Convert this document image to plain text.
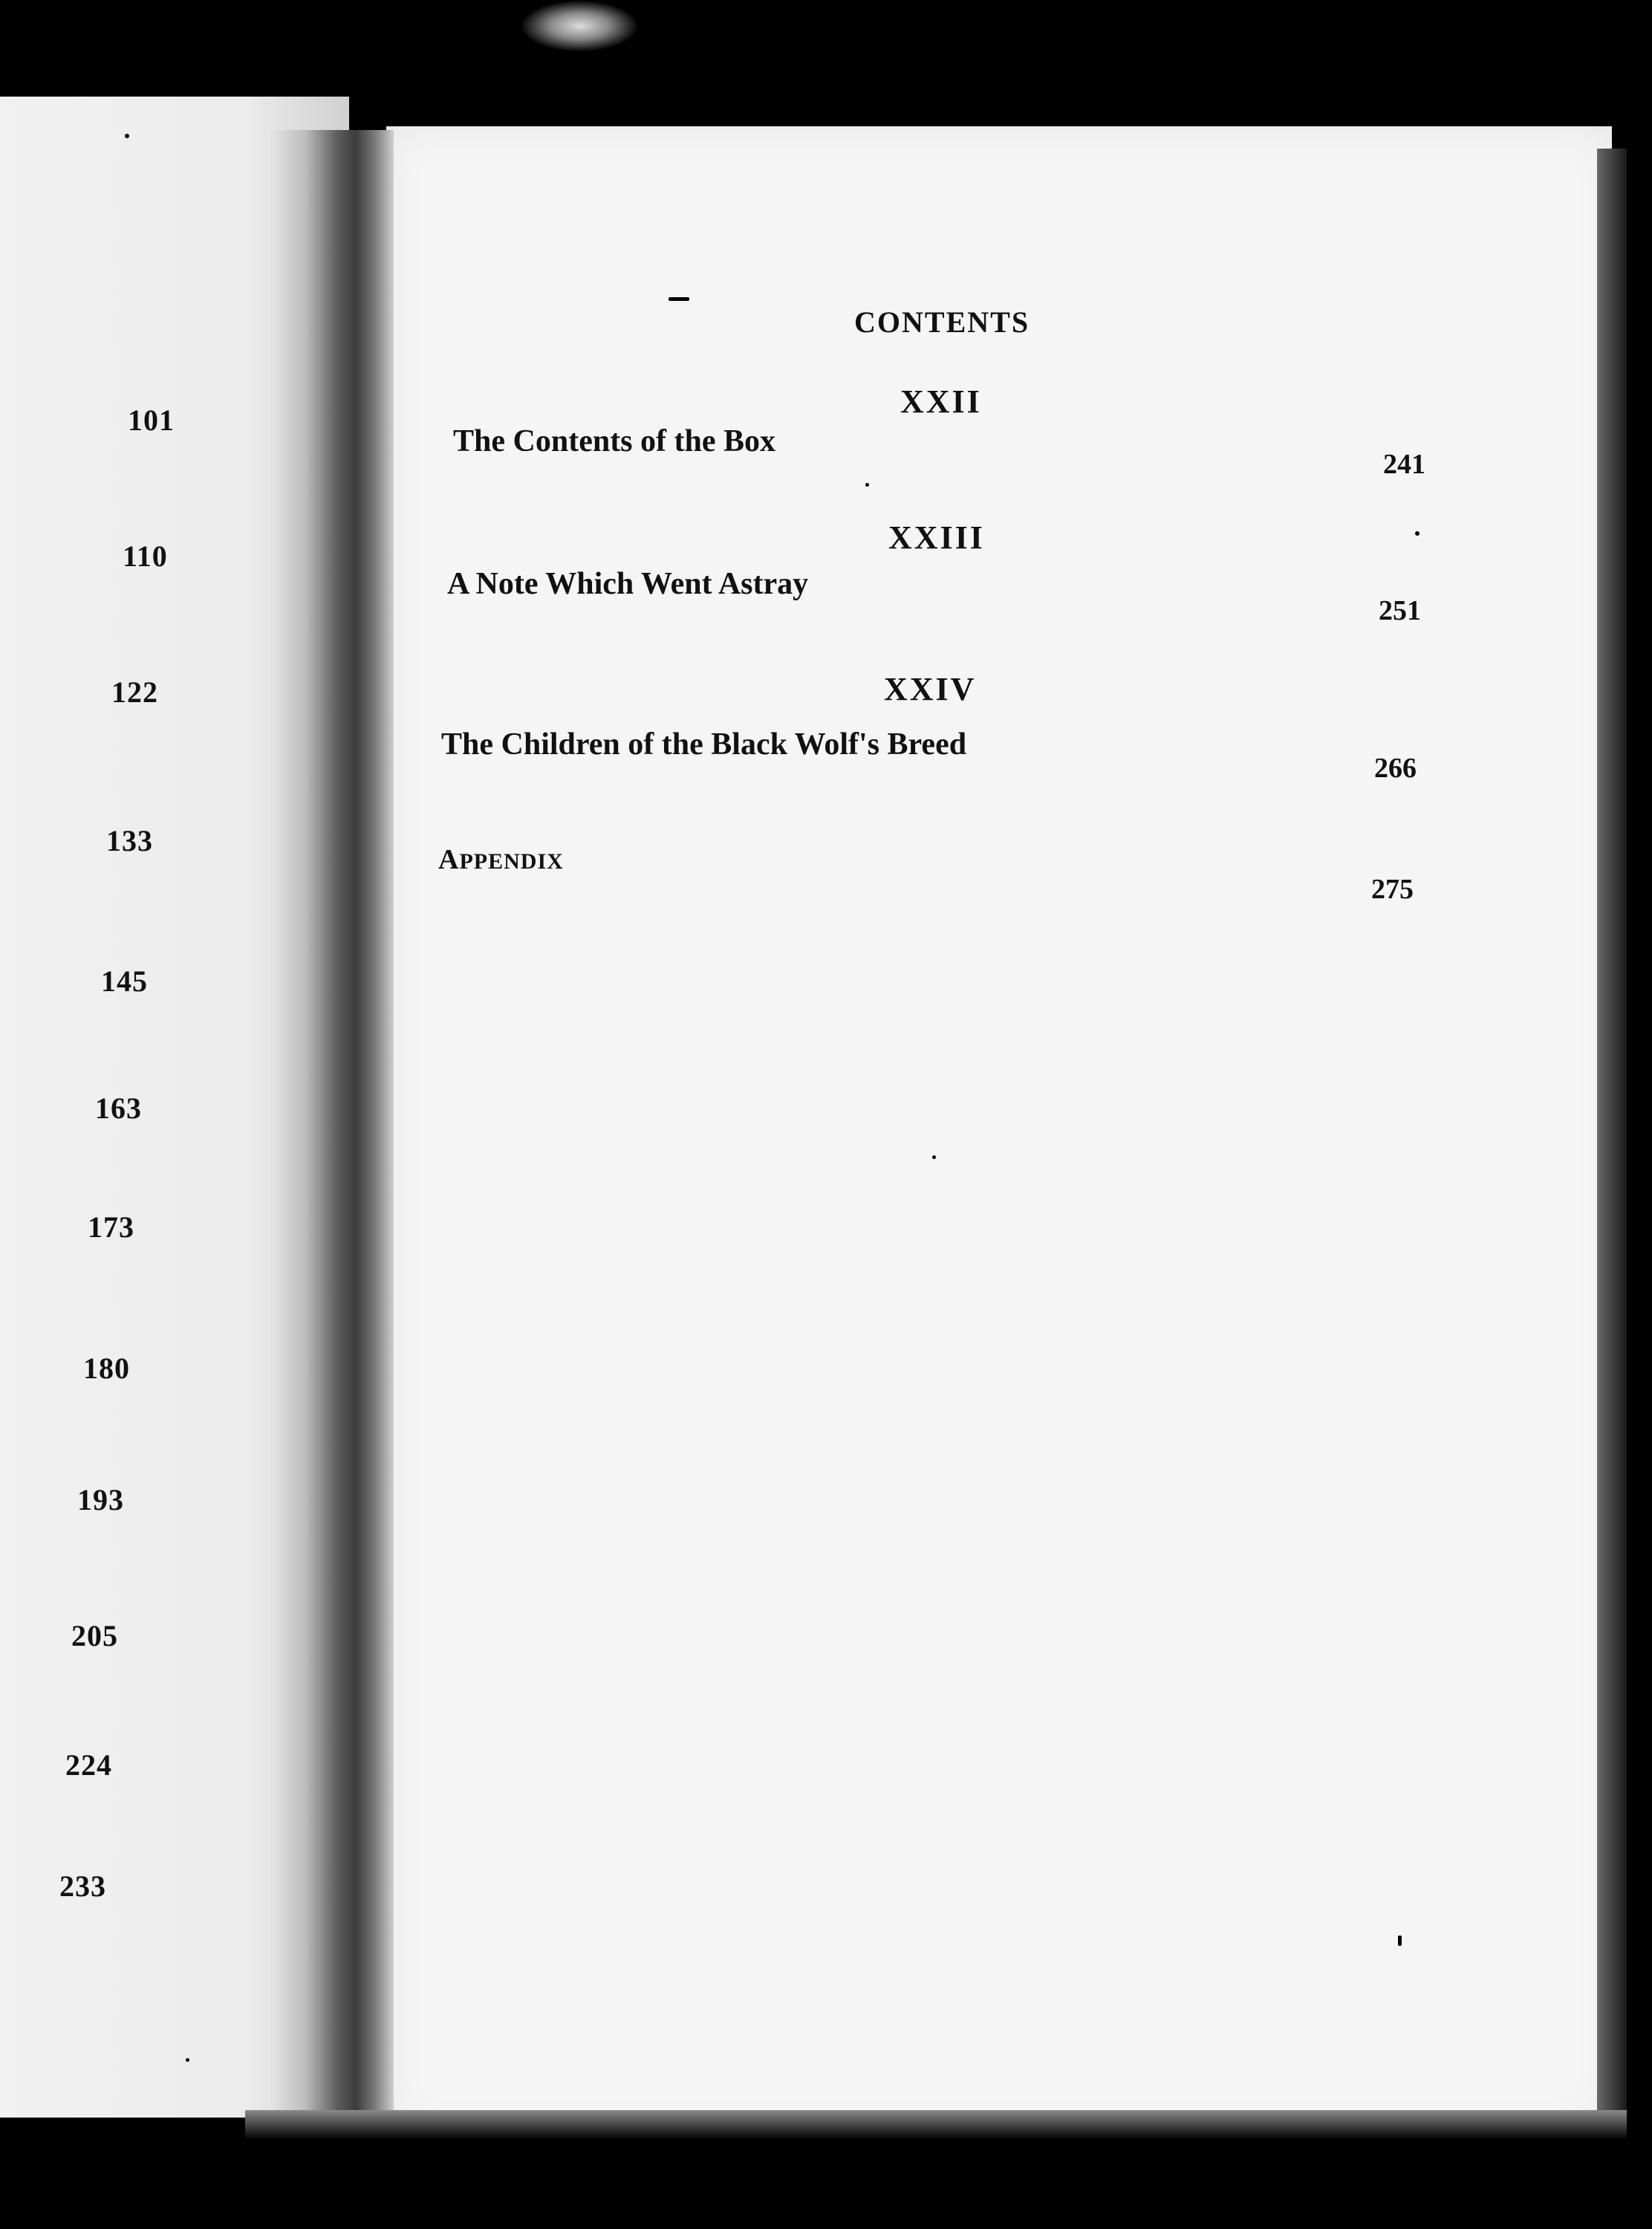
101
110
122
133
145
163
173
180
193
205
224
233
CONTENTS
XXII
The Contents of the Box
241
XXIII
A Note Which Went Astray
251
XXIV
The Children of the Black Wolf's Breed
266
APPENDIX
275
